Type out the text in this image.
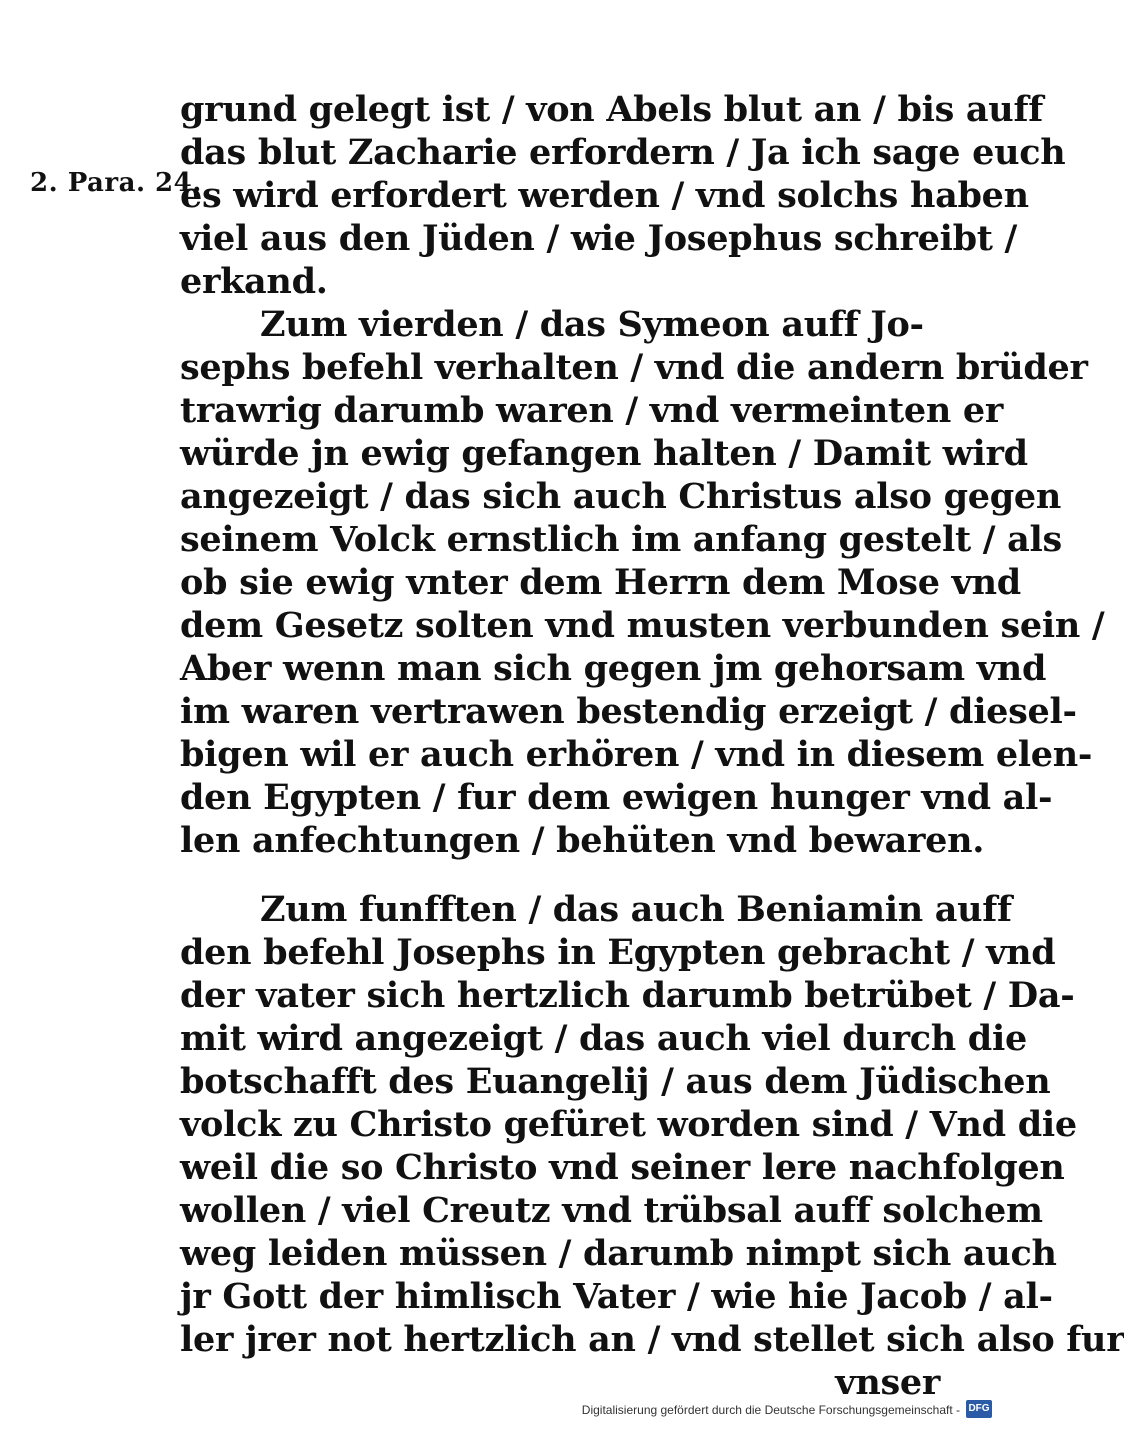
2. Para. 24.
grund gelegt ist / von Abels blut an / bis auff
das blut Zacharie erfordern / Ja ich sage euch
es wird erfordert werden / vnd solchs haben
viel aus den Jüden / wie Josephus schreibt /
erkand.
Zum vierden / das Symeon auff Jo-
sephs befehl verhalten / vnd die andern brüder
trawrig darumb waren / vnd vermeinten er
würde jn ewig gefangen halten / Damit wird
angezeigt / das sich auch Christus also gegen
seinem Volck ernstlich im anfang gestelt / als
ob sie ewig vnter dem Herrn dem Mose vnd
dem Gesetz solten vnd musten verbunden sein /
Aber wenn man sich gegen jm gehorsam vnd
im waren vertrawen bestendig erzeigt / diesel-
bigen wil er auch erhören / vnd in diesem elen-
den Egypten / fur dem ewigen hunger vnd al-
len anfechtungen / behüten vnd bewaren.
Zum funfften / das auch Beniamin auff
den befehl Josephs in Egypten gebracht / vnd
der vater sich hertzlich darumb betrübet / Da-
mit wird angezeigt / das auch viel durch die
botschafft des Euangelij / aus dem Jüdischen
volck zu Christo gefüret worden sind / Vnd die
weil die so Christo vnd seiner lere nachfolgen
wollen / viel Creutz vnd trübsal auff solchem
weg leiden müssen / darumb nimpt sich auch
jr Gott der himlisch Vater / wie hie Jacob / al-
ler jrer not hertzlich an / vnd stellet sich also fur
vnser
Digitalisierung gefördert durch die Deutsche Forschungsgemeinschaft - DFG
